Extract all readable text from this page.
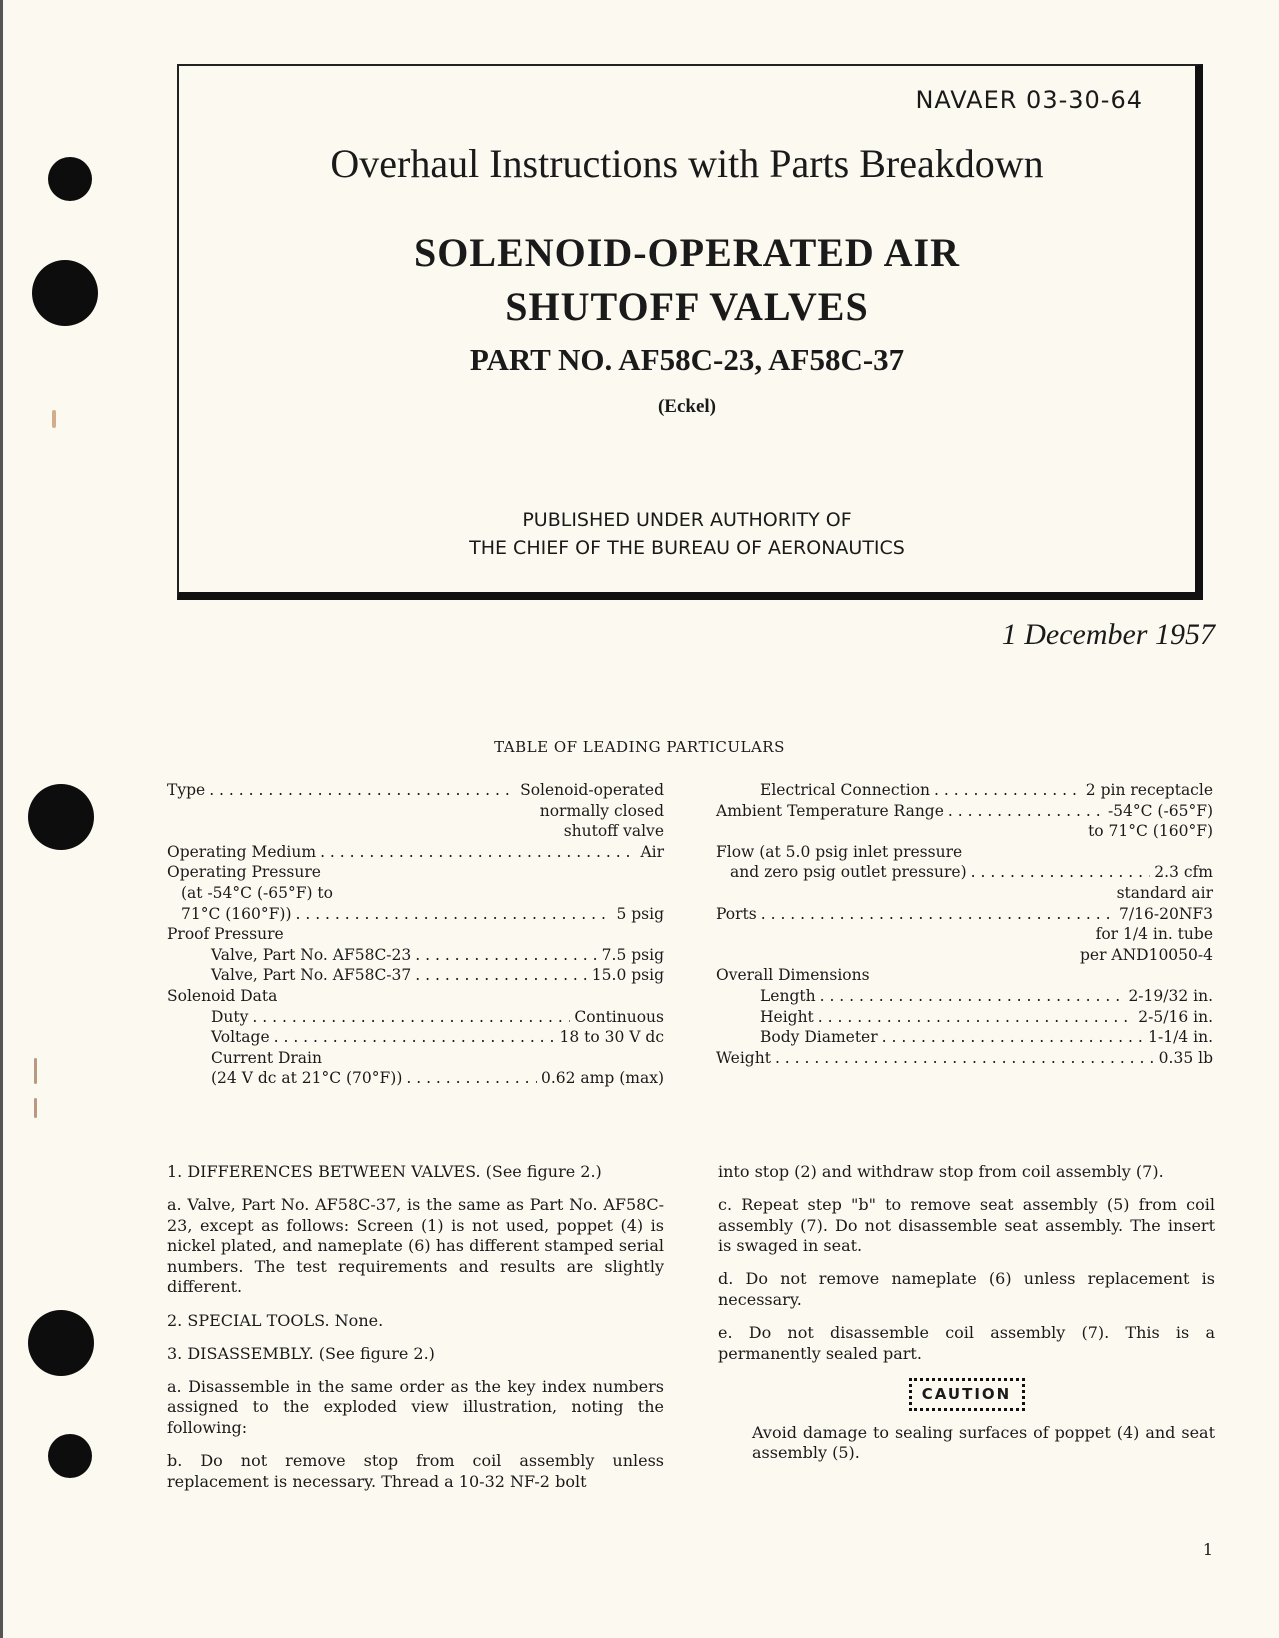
NAVAER 03-30-64
Overhaul Instructions with Parts Breakdown
SOLENOID-OPERATED AIR
SHUTOFF VALVES
PART NO. AF58C-23, AF58C-37
(Eckel)
PUBLISHED UNDER AUTHORITY OF
THE CHIEF OF THE BUREAU OF AERONAUTICS
1 December 1957
TABLE OF LEADING PARTICULARS
Type . . .	Solenoid-operated
normally closed
shutoff valve
Operating Medium . . .	Air
Operating Pressure
(at -54°C (-65°F) to
71°C (160°F)) . . .	5 psig
Proof Pressure
Valve, Part No. AF58C-23 . . .	7.5 psig
Valve, Part No. AF58C-37 . . .	15.0 psig
Solenoid Data
Duty . . .	Continuous
Voltage . . .	18 to 30 V dc
Current Drain
(24 V dc at 21°C (70°F)) . . .	0.62 amp (max)
Electrical Connection . . .	2 pin receptacle
Ambient Temperature Range . . .	-54°C (-65°F)
to 71°C (160°F)
Flow (at 5.0 psig inlet pressure
and zero psig outlet pressure) . . .	2.3 cfm
standard air
Ports . . .	7/16-20NF3
for 1/4 in. tube
per AND10050-4
Overall Dimensions
Length . . .	2-19/32 in.
Height . . .	2-5/16 in.
Body Diameter . . .	1-1/4 in.
Weight . . .	0.35 lb

1. DIFFERENCES BETWEEN VALVES. (See figure 2.)

a. Valve, Part No. AF58C-37, is the same as Part No. AF58C-23, except as follows: Screen (1) is not used, poppet (4) is nickel plated, and nameplate (6) has different stamped serial numbers. The test requirements and results are slightly different.

2. SPECIAL TOOLS. None.

3. DISASSEMBLY. (See figure 2.)

a. Disassemble in the same order as the key index numbers assigned to the exploded view illustration, noting the following:

b. Do not remove stop from coil assembly unless replacement is necessary. Thread a 10-32 NF-2 bolt

into stop (2) and withdraw stop from coil assembly (7).

c. Repeat step "b" to remove seat assembly (5) from coil assembly (7). Do not disassemble seat assembly. The insert is swaged in seat.

d. Do not remove nameplate (6) unless replacement is necessary.

e. Do not disassemble coil assembly (7). This is a permanently sealed part.

CAUTION

Avoid damage to sealing surfaces of poppet (4) and seat assembly (5).

1
